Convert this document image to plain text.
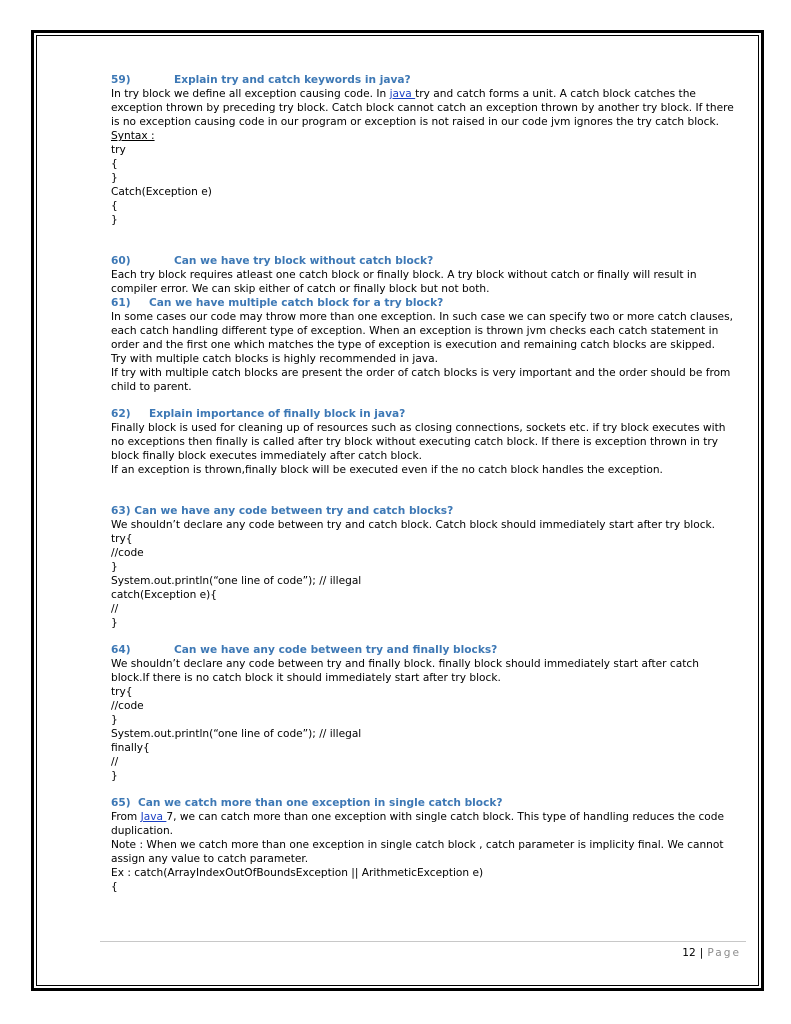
59)	Explain try and catch keywords in java?

In try block we define all exception causing code. In java try and catch forms a unit. A catch block catches the exception thrown by preceding try block. Catch block cannot catch an exception thrown by another try block. If there is no exception causing code in our program or exception is not raised in our code jvm ignores the try catch block.

Syntax :

try

{

}

Catch(Exception e)

{

}

60)	Can we have try block without catch block?

Each try block requires atleast one catch block or finally block. A try block without catch or finally will result in compiler error. We can skip either of catch or finally block but not both.

61) Can we have multiple catch block for a try block?

In some cases our code may throw more than one exception. In such case we can specify two or more catch clauses, each catch handling different type of exception. When an exception is thrown jvm checks each catch statement in order and the first one which matches the type of exception is execution and remaining catch blocks are skipped.

Try with multiple catch blocks is highly recommended in java.

If try with multiple catch blocks are present the order of catch blocks is very important and the order should be from child to parent.

62) Explain importance of finally block in java?

Finally block is used for cleaning up of resources such as closing connections, sockets etc. if try block executes with no exceptions then finally is called after try block without executing catch block. If there is exception thrown in try block finally block executes immediately after catch block.

If an exception is thrown,finally block will be executed even if the no catch block handles the exception.

63) Can we have any code between try and catch blocks?

We shouldn’t declare any code between try and catch block. Catch block should immediately start after try block.

try{

//code

}

System.out.println(“one line of code”); // illegal

catch(Exception e){

//

}

64)	Can we have any code between try and finally blocks?

We shouldn’t declare any code between try and finally block. finally block should immediately start after catch block.If there is no catch block it should immediately start after try block.

try{

//code

}

System.out.println(“one line of code”); // illegal

finally{

//

}

65) Can we catch more than one exception in single catch block?

From Java 7, we can catch more than one exception with single catch block. This type of handling reduces the code duplication.

Note : When we catch more than one exception in single catch block , catch parameter is implicity final. We cannot assign any value to catch parameter.

Ex : catch(ArrayIndexOutOfBoundsException || ArithmeticException e)

{

12 | Page
